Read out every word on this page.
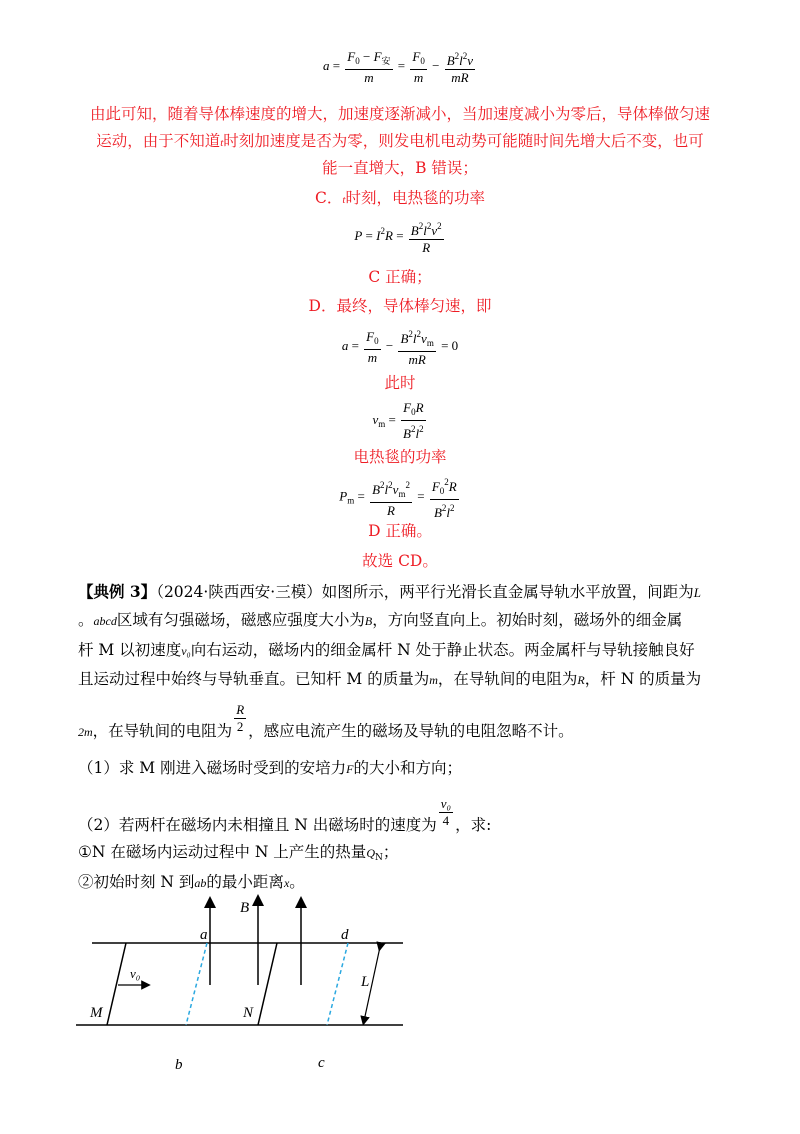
$a = \frac{F_0 - F_安}{m} = \frac{F_0}{m} - \frac{B^2l^2v}{mR}$
由此可知，随着导体棒速度的增大，加速度逐渐减小，当加速度减小为零后，导体棒做匀速
运动，由于不知道t时刻加速度是否为零，则发电机电动势可能随时间先增大后不变，也可
能一直增大，B 错误；
C．t时刻，电热毯的功率
$P = I^2R = \frac{B^2l^2v^2}{R}$
C 正确；
D．最终，导体棒匀速，即
$a = \frac{F_0}{m} - \frac{B^2l^2v_m}{mR} = 0$
此时
$v_m = \frac{F_0R}{B^2l^2}$
电热毯的功率
$P_m = \frac{B^2l^2v_m^2}{R} = \frac{F_0^2R}{B^2l^2}$
D 正确。
故选 CD。
【典例 3】（2024·陕西西安·三模）如图所示，两平行光滑长直金属导轨水平放置，间距为L
。abcd区域有匀强磁场，磁感应强度大小为B，方向竖直向上。初始时刻，磁场外的细金属
杆 M 以初速度v₀向右运动，磁场内的细金属杆 N 处于静止状态。两金属杆与导轨接触良好
且运动过程中始终与导轨垂直。已知杆 M 的质量为m，在导轨间的电阻为R，杆 N 的质量为
2m，在导轨间的电阻为 $\frac{R}{2}$ ，感应电流产生的磁场及导轨的电阻忽略不计。
（1）求 M 刚进入磁场时受到的安培力F的大小和方向；
（2）若两杆在磁场内未相撞且 N 出磁场时的速度为 $\frac{\text{v₀}}{4}$ ，求:
①N 在磁场内运动过程中 N 上产生的热量$Q_N$；
②初始时刻 N 到ab的最小距离x。
a
B
d
v₀
L
M	N
b	c
